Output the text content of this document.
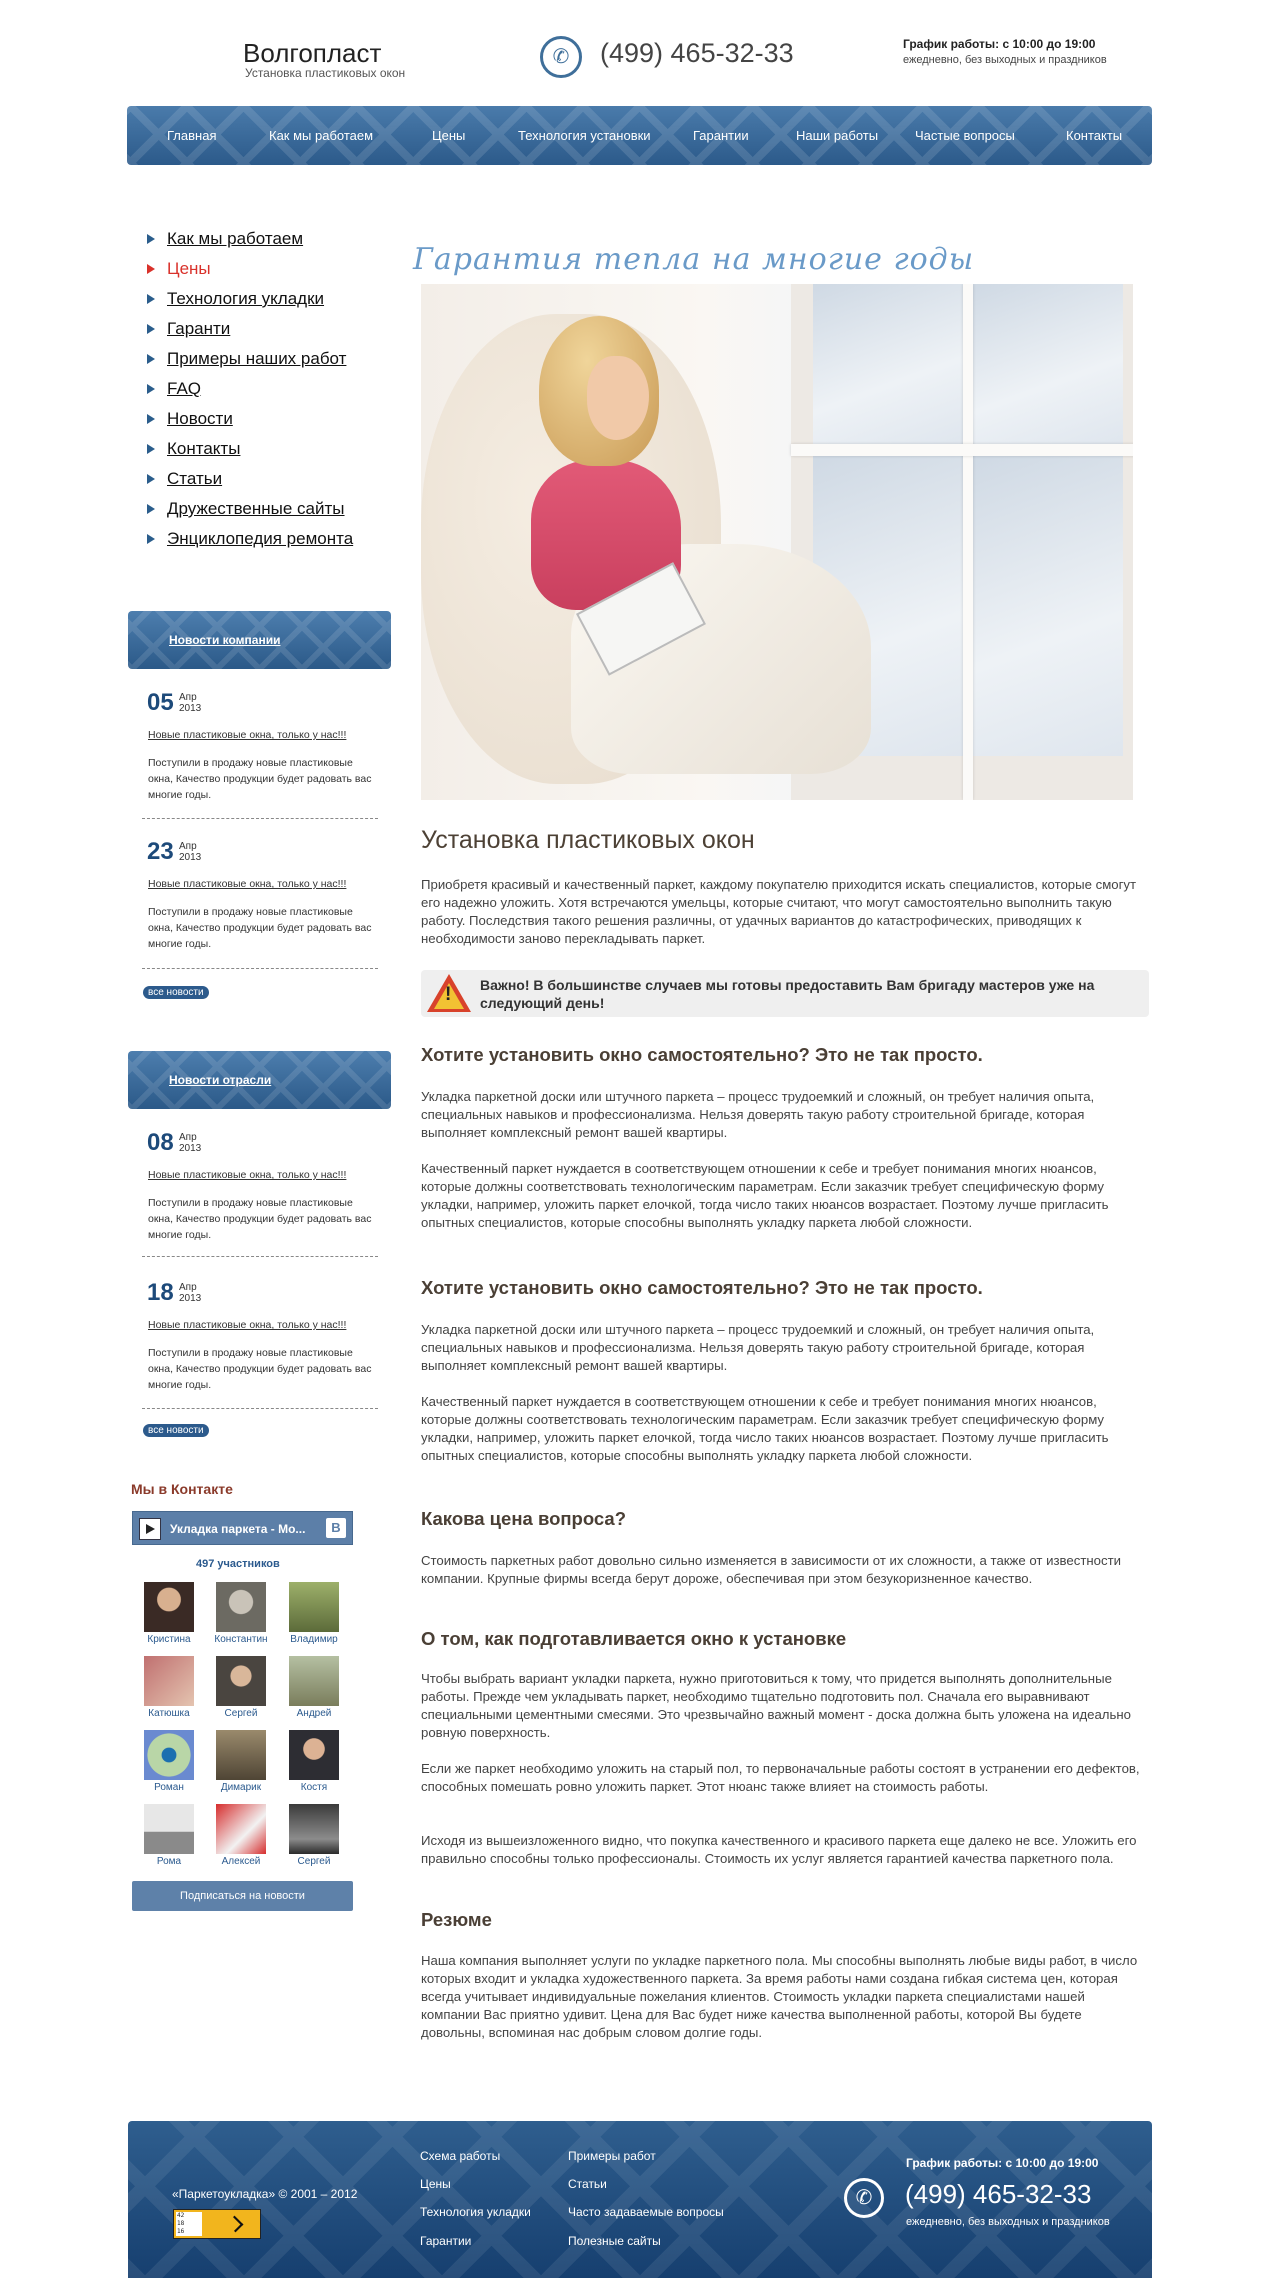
Волгопласт
Установка пластиковых окон
✆ (499) 465-32-33	График работы: с 10:00 до 19:00
ежедневно, без выходных и праздников
Главная	Как мы работаем	Цены	Технология установки	Гарантии	Наши работы	Частые вопросы	Контакты
Как мы работаем
Цены
Технология укладки
Гаранти
Примеры наших работ
FAQ
Новости
Контакты
Статьи
Дружественные сайты
Энциклопедия ремонта
Новости компании
05 Апр
2013
Новые пластиковые окна, только у нас!!!
Поступили в продажу новые пластиковые окна, Качество продукции будет радовать вас многие годы.
23 Апр
2013
Новые пластиковые окна, только у нас!!!
Поступили в продажу новые пластиковые окна, Качество продукции будет радовать вас многие годы.
все новости
Новости отрасли
08 Апр
2013
Новые пластиковые окна, только у нас!!!
Поступили в продажу новые пластиковые окна, Качество продукции будет радовать вас многие годы.
18 Апр
2013
Новые пластиковые окна, только у нас!!!
Поступили в продажу новые пластиковые окна, Качество продукции будет радовать вас многие годы.
все новости
Мы в Контакте
Укладка паркета - Мо...	В
497 участников
Кристина	Константин	Владимир
Катюшка	Сергей	Андрей
Роман	Димарик	Костя
Рома	Алексей	Сергей
Подписаться на новости
Гарантия тепла на многие годы
Установка пластиковых окон
Приобретя красивый и качественный паркет, каждому покупателю приходится искать специалистов, которые смогут его надежно уложить. Хотя встречаются умельцы, которые считают, что могут самостоятельно выполнить такую работу. Последствия такого решения различны, от удачных вариантов до катастрофических, приводящих к необходимости заново перекладывать паркет.
! Важно! В большинстве случаев мы готовы предоставить Вам бригаду мастеров уже на следующий день!
Хотите установить окно самостоятельно? Это не так просто.
Укладка паркетной доски или штучного паркета – процесс трудоемкий и сложный, он требует наличия опыта, специальных навыков и профессионализма. Нельзя доверять такую работу строительной бригаде, которая выполняет комплексный ремонт вашей квартиры.
Качественный паркет нуждается в соответствующем отношении к себе и требует понимания многих нюансов, которые должны соответствовать технологическим параметрам. Если заказчик требует специфическую форму укладки, например, уложить паркет елочкой, тогда число таких нюансов возрастает. Поэтому лучше пригласить опытных специалистов, которые способны выполнять укладку паркета любой сложности.
Хотите установить окно самостоятельно? Это не так просто.
Укладка паркетной доски или штучного паркета – процесс трудоемкий и сложный, он требует наличия опыта, специальных навыков и профессионализма. Нельзя доверять такую работу строительной бригаде, которая выполняет комплексный ремонт вашей квартиры.
Качественный паркет нуждается в соответствующем отношении к себе и требует понимания многих нюансов, которые должны соответствовать технологическим параметрам. Если заказчик требует специфическую форму укладки, например, уложить паркет елочкой, тогда число таких нюансов возрастает. Поэтому лучше пригласить опытных специалистов, которые способны выполнять укладку паркета любой сложности.
Какова цена вопроса?
Стоимость паркетных работ довольно сильно изменяется в зависимости от их сложности, а также от известности компании. Крупные фирмы всегда берут дороже, обеспечивая при этом безукоризненное качество.
О том, как подготавливается окно к установке
Чтобы выбрать вариант укладки паркета, нужно приготовиться к тому, что придется выполнять дополнительные работы. Прежде чем укладывать паркет, необходимо тщательно подготовить пол. Сначала его выравнивают специальными цементными смесями. Это чрезвычайно важный момент - доска должна быть уложена на идеально ровную поверхность.
Если же паркет необходимо уложить на старый пол, то первоначальные работы состоят в устранении его дефектов, способных помешать ровно уложить паркет. Этот нюанс также влияет на стоимость работы.
Исходя из вышеизложенного видно, что покупка качественного и красивого паркета еще далеко не все. Уложить его правильно способны только профессионалы. Стоимость их услуг является гарантией качества паркетного пола.
Резюме
Наша компания выполняет услуги по укладке паркетного пола. Мы способны выполнять любые виды работ, в число которых входит и укладка художественного паркета. За время работы нами создана гибкая система цен, которая всегда учитывает индивидуальные пожелания клиентов. Стоимость укладки паркета специалистами нашей компании Вас приятно удивит. Цена для Вас будет ниже качества выполненной работы, которой Вы будете довольны, вспоминая нас добрым словом долгие годы.
Схема работы
Цены
Технология укладки
Гарантии
Примеры работ
Статьи
Часто задаваемые вопросы
Полезные сайты
«Паркетоукладка» © 2001 – 2012
42
18
16
✆
График работы: с 10:00 до 19:00
(499) 465-32-33
ежедневно, без выходных и праздников
